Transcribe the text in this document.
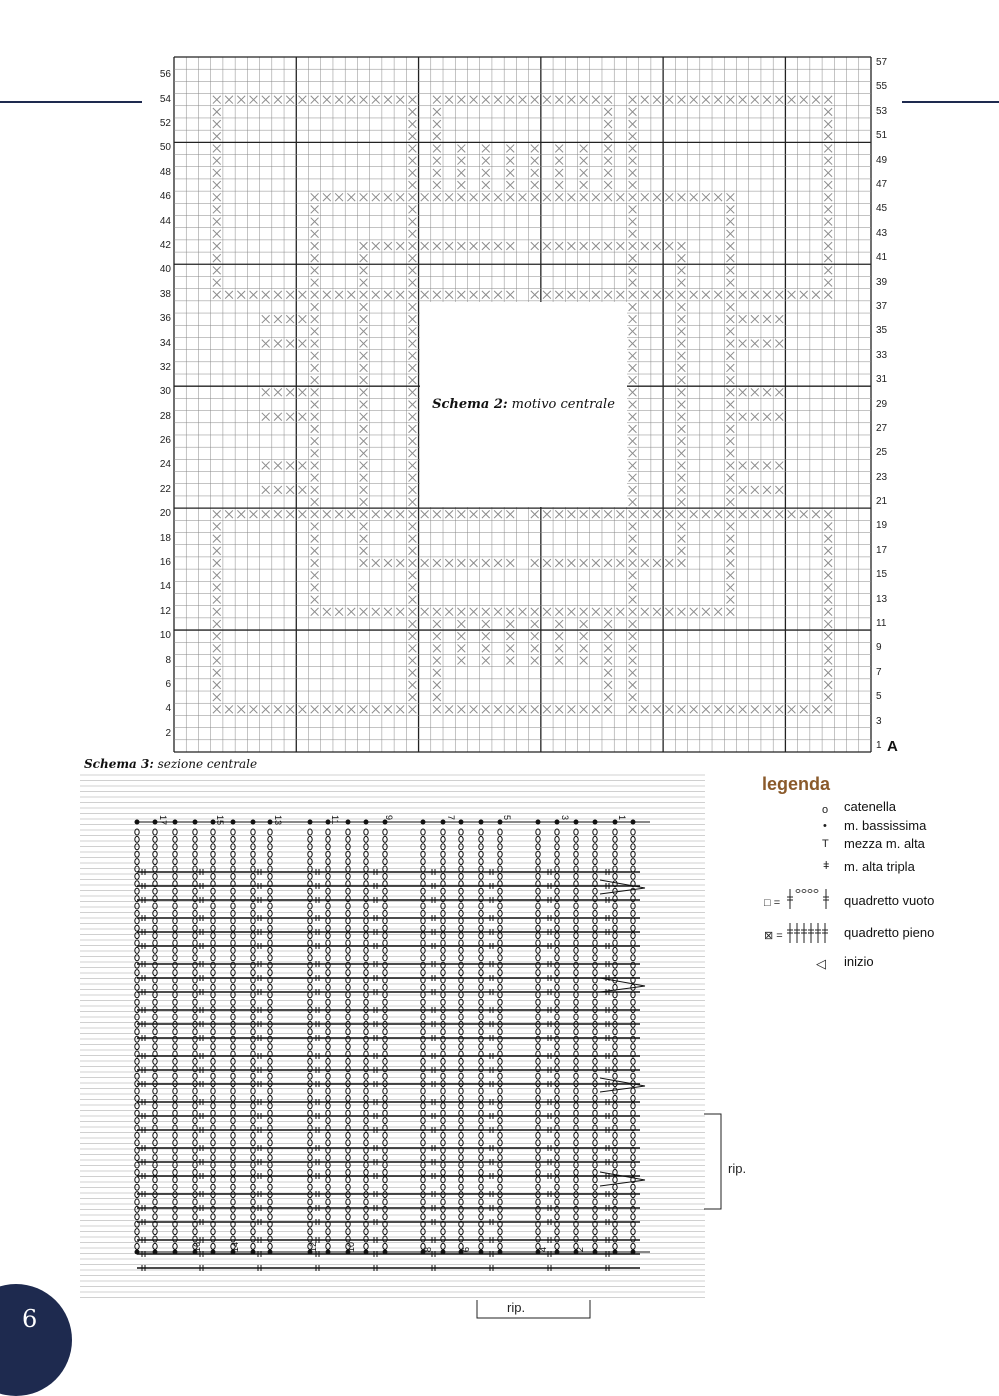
56
54
52
50
48
46
44
42
40
38
36
34
32
30
28
26
24
22
20
18
16
14
12
10
8
6
4
2
57
55
53
51
49
47
45
43
41
39
37
35
33
31
29
27
25
23
21
19
17
15
13
11
9
7
5
3
1
Schema 2: motivo centrale
A
Schema 3: sezione centrale
17	15	13	11	9	7	5	3	1
16	14	12	10	8	6	4	2
rip.
rip.
legenda
o catenella
• m. bassissima
T mezza m. alta
ǂ m. alta tripla
□ =	quadretto vuoto
⊠ =	quadretto pieno
◁ inizio
6
